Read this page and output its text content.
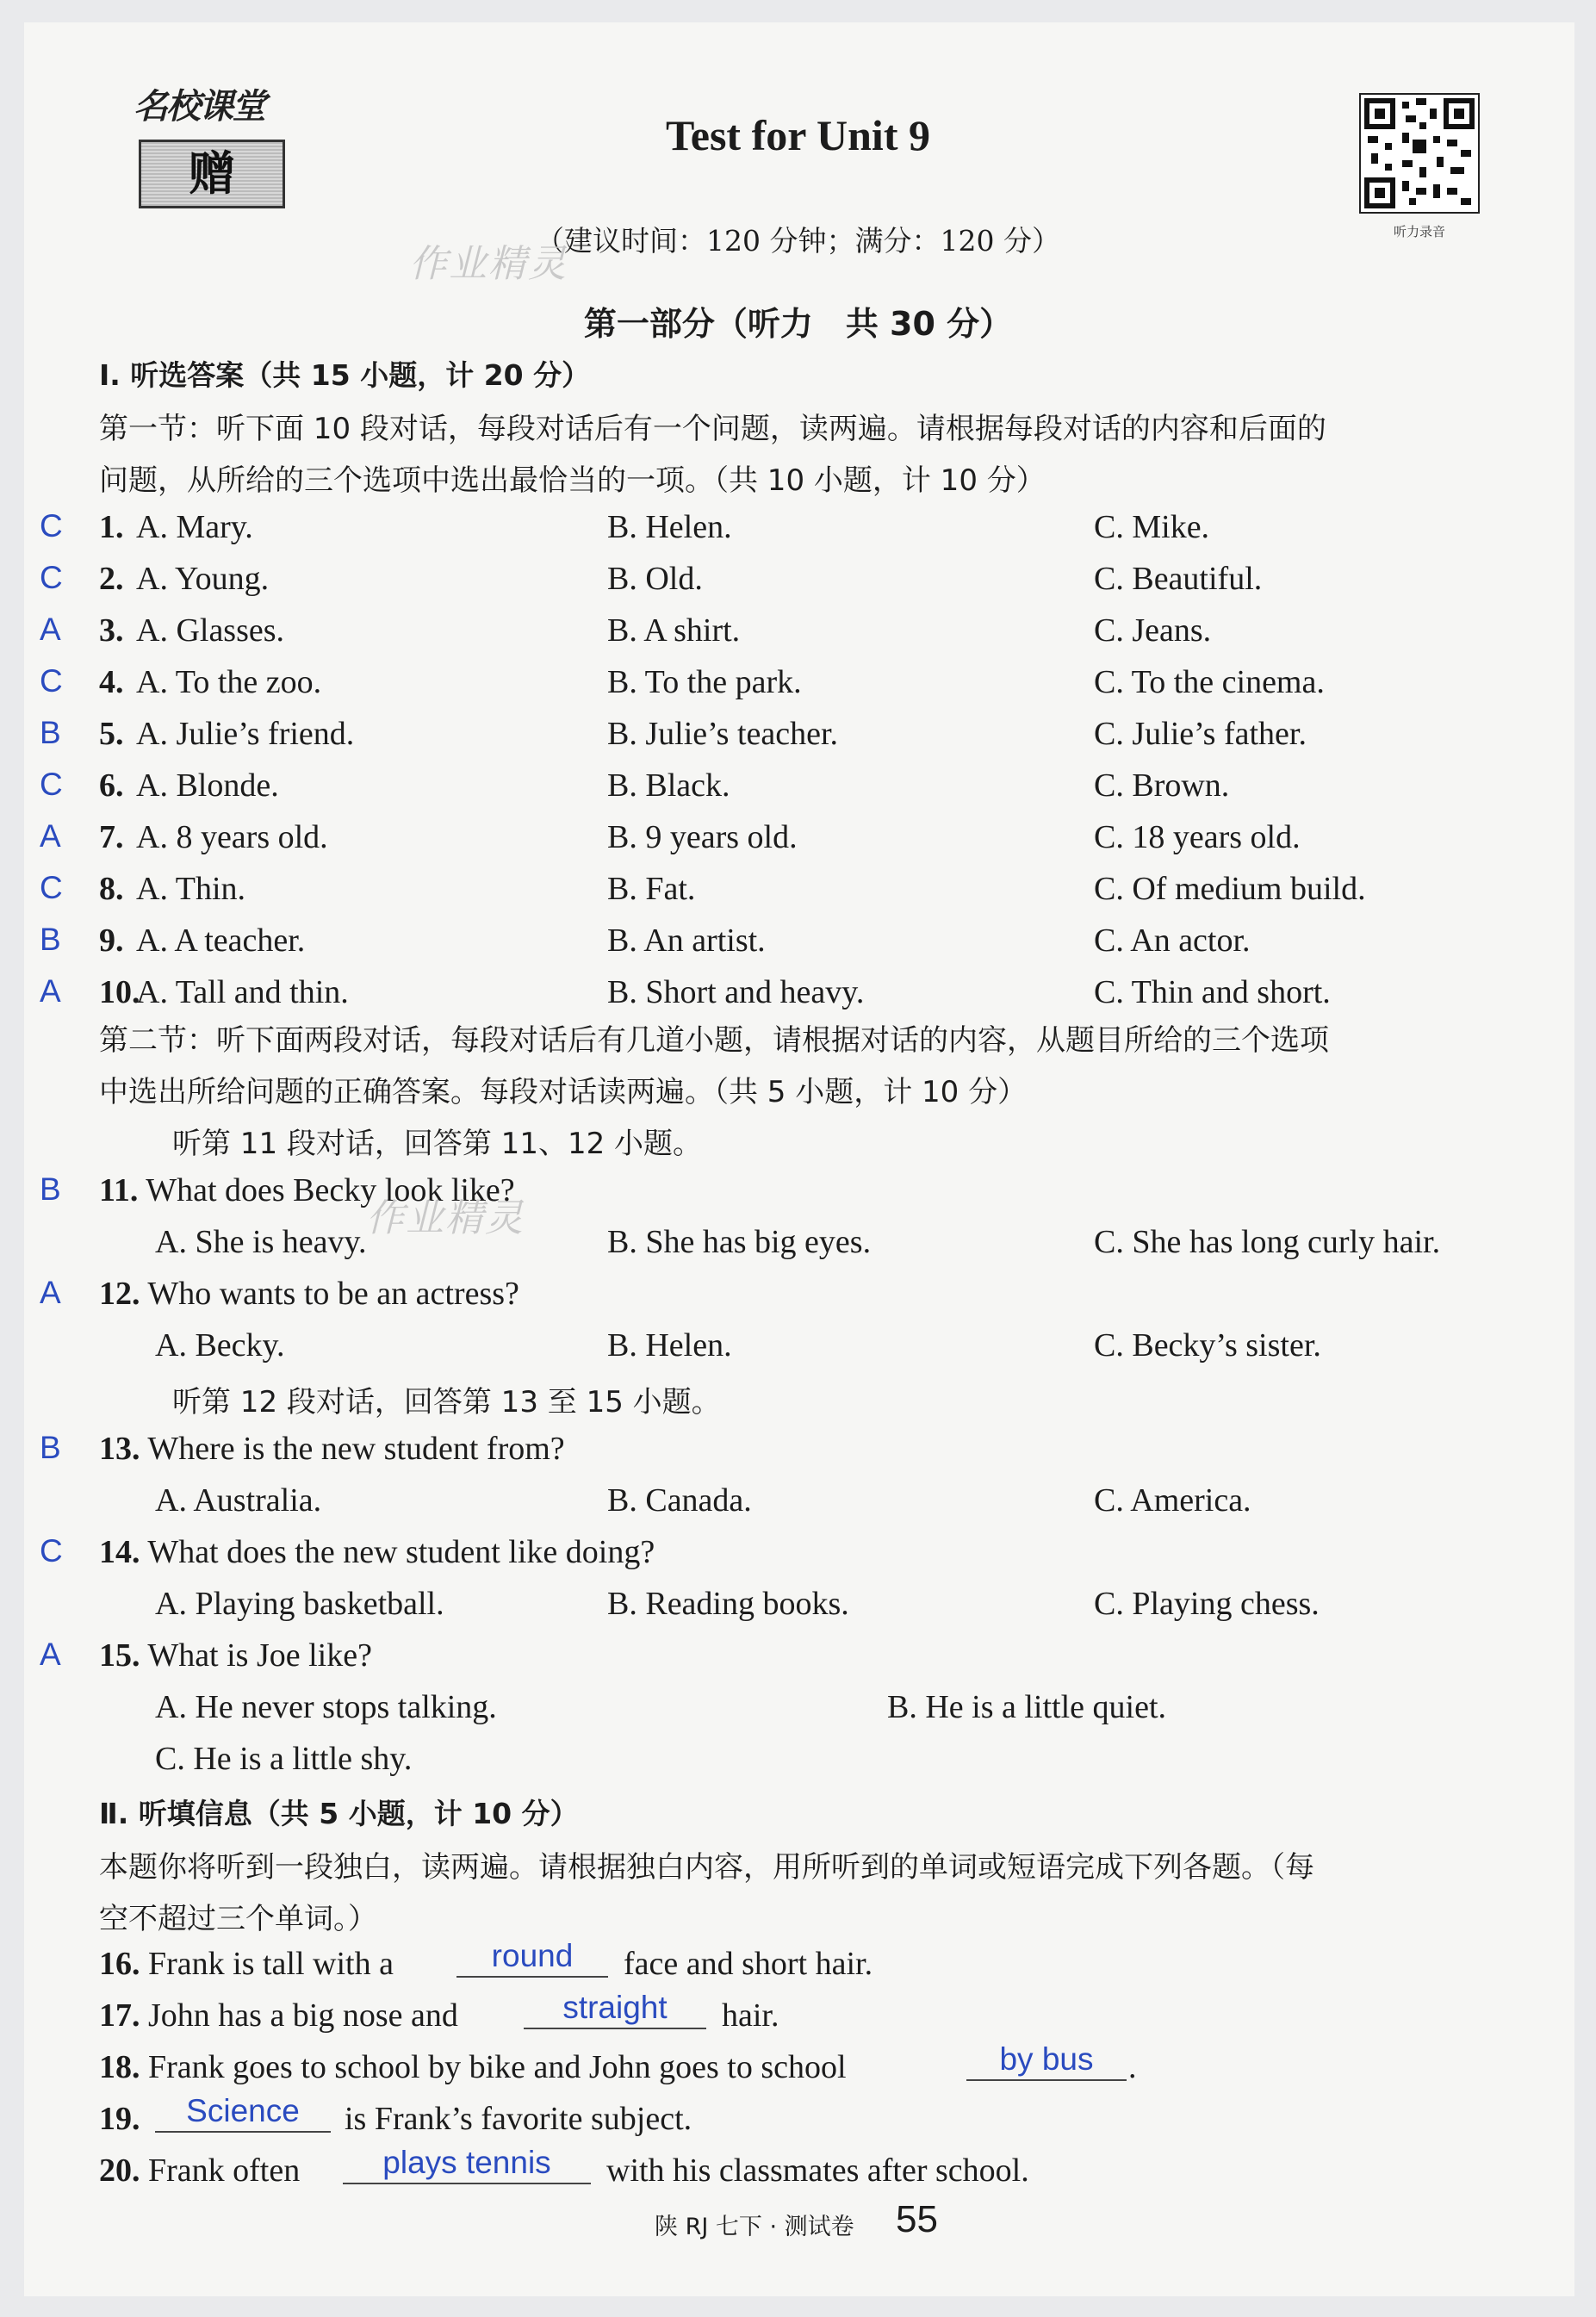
名校课堂
赠
Test for Unit 9
听力录音
（建议时间：120 分钟；满分：120 分）
作业精灵
第一部分（听力　共 30 分）
Ⅰ. 听选答案（共 15 小题，计 20 分）
第一节：听下面 10 段对话，每段对话后有一个问题，读两遍。请根据每段对话的内容和后面的
问题，从所给的三个选项中选出最恰当的一项。（共 10 小题，计 10 分）
C 1. A. Mary.	B. Helen.	C. Mike.
C 2. A. Young.	B. Old.	C. Beautiful.
A 3. A. Glasses.	B. A shirt.	C. Jeans.
C 4. A. To the zoo.	B. To the park.	C. To the cinema.
B 5. A. Julie’s friend.	B. Julie’s teacher.	C. Julie’s father.
C 6. A. Blonde.	B. Black.	C. Brown.
A 7. A. 8 years old.	B. 9 years old.	C. 18 years old.
C 8. A. Thin.	B. Fat.	C. Of medium build.
B 9. A. A teacher.	B. An artist.	C. An actor.
A 10.
A. Tall and thin.	B. Short and heavy.	C. Thin and short.
第二节：听下面两段对话，每段对话后有几道小题，请根据对话的内容，从题目所给的三个选项
中选出所给问题的正确答案。每段对话读两遍。（共 5 小题，计 10 分）
听第 11 段对话，回答第 11、12 小题。
B 11. What does Becky look like?
A. She is heavy.	B. She has big eyes.	C. She has long curly hair.
作业精灵
A 12. Who wants to be an actress?
A. Becky.	B. Helen.	C. Becky’s sister.
听第 12 段对话，回答第 13 至 15 小题。
B 13. Where is the new student from?
A. Australia.	B. Canada.	C. America.
C 14. What does the new student like doing?
A. Playing basketball.	B. Reading books.	C. Playing chess.
A 15. What is Joe like?
A. He never stops talking.	B. He is a little quiet.
C. He is a little shy.
Ⅱ. 听填信息（共 5 小题，计 10 分）
本题你将听到一段独白，读两遍。请根据独白内容，用所听到的单词或短语完成下列各题。（每
空不超过三个单词。）
16. Frank is tall with a	round	face and short hair.
17. John has a big nose and	straight	hair.
18. Frank goes to school by bike and John goes to school	by bus	.
19.	Science	is Frank’s favorite subject.
20. Frank often	plays tennis	with his classmates after school.
陕 RJ 七下 · 测试卷 55
